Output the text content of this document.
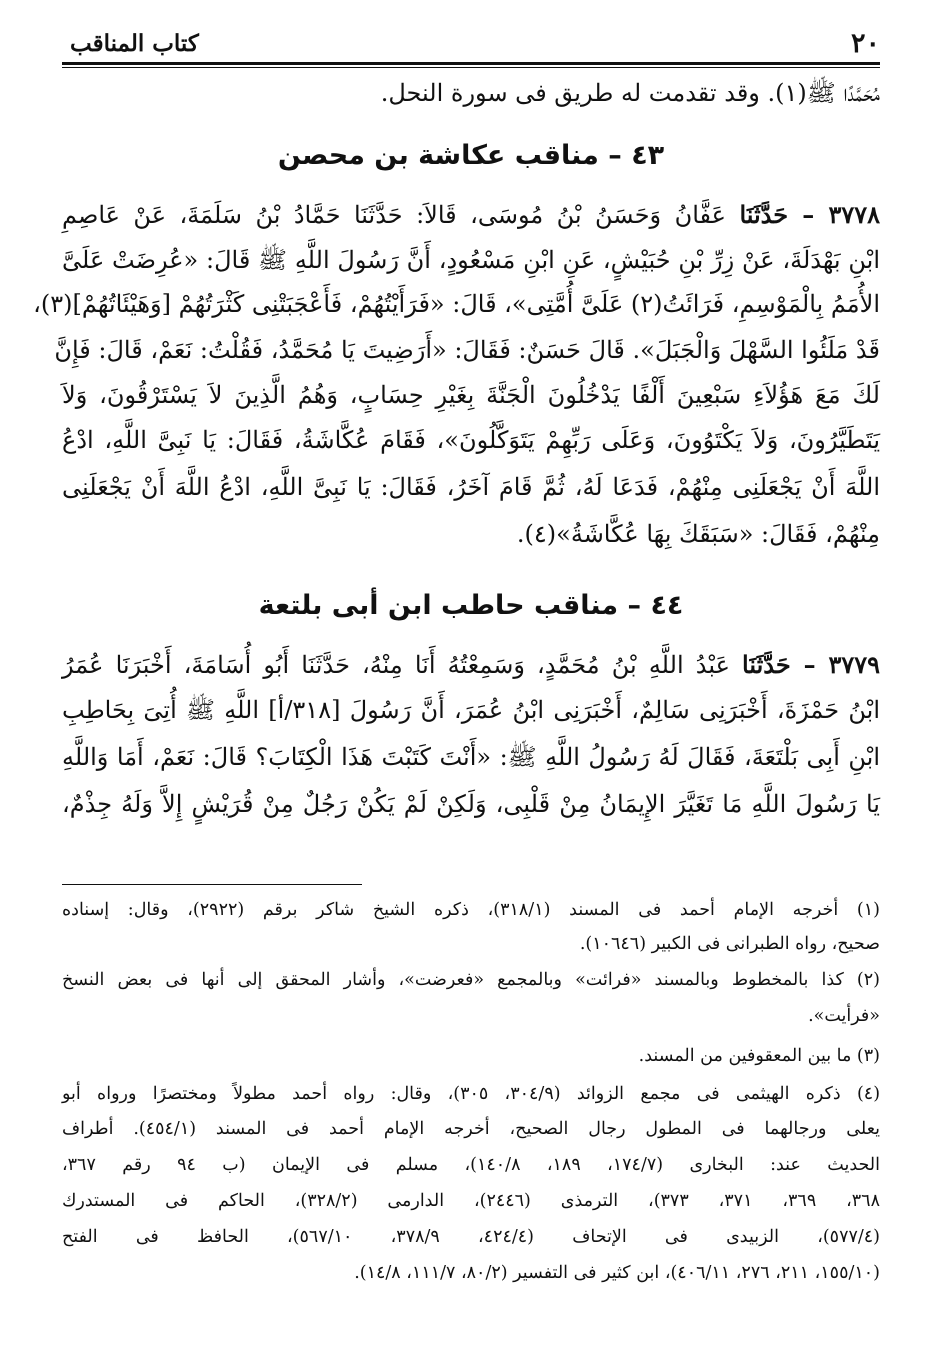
٢٠
كتاب المناقب
مُحَمَّدًا ﷺ(١). وقد تقدمت له طريق فى سورة النحل.
٤٣ – مناقب عكاشة بن محصن
٣٧٧٨ – حَدَّثَنَا عَفَّانُ وَحَسَنُ بْنُ مُوسَى، قَالاَ: حَدَّثَنَا حَمَّادُ بْنُ سَلَمَةَ، عَنْ عَاصِمِ
ابْنِ بَهْدَلَةَ، عَنْ زِرِّ بْنِ حُبَيْشٍ، عَنِ ابْنِ مَسْعُودٍ، أَنَّ رَسُولَ اللَّهِ ﷺ قَالَ: «عُرِضَتْ عَلَىَّ
الأُمَمُ بِالْمَوْسِمِ، فَرَائَتُ(٢) عَلَىَّ أُمَّتِى»، قَالَ: «فَرَأَيْتُهُمْ، فَأَعْجَبَتْنِى كَثْرَتُهُمْ [وَهَيْئَاتُهُمْ](٣)،
قَدْ مَلَئُوا السَّهْلَ وَالْجَبَلَ». قَالَ حَسَنٌ: فَقَالَ: «أَرَضِيتَ يَا مُحَمَّدُ، فَقُلْتُ: نَعَمْ، قَالَ: فَإِنَّ
لَكَ مَعَ هَؤُلاَءِ سَبْعِينَ أَلْفًا يَدْخُلُونَ الْجَنَّةَ بِغَيْرِ حِسَابٍ، وَهُمُ الَّذِينَ لاَ يَسْتَرْقُونَ، وَلاَ
يَتَطَيَّرُونَ، وَلاَ يَكْتَوُونَ، وَعَلَى رَبِّهِمْ يَتَوَكَّلُونَ»، فَقَامَ عُكَّاشَةُ، فَقَالَ: يَا نَبِىَّ اللَّهِ، ادْعُ
اللَّهَ أَنْ يَجْعَلَنِى مِنْهُمْ، فَدَعَا لَهُ، ثُمَّ قَامَ آخَرُ، فَقَالَ: يَا نَبِىَّ اللَّهِ، ادْعُ اللَّهَ أَنْ يَجْعَلَنِى
مِنْهُمْ، فَقَالَ: «سَبَقَكَ بِهَا عُكَّاشَةُ»(٤).
٤٤ – مناقب حاطب ابن أبى بلتعة
٣٧٧٩ – حَدَّثَنَا عَبْدُ اللَّهِ بْنُ مُحَمَّدٍ، وَسَمِعْتُهُ أَنَا مِنْهُ، حَدَّثَنَا أَبُو أُسَامَةَ، أَخْبَرَنَا عُمَرُ
ابْنُ حَمْزَةَ، أَخْبَرَنِى سَالِمٌ، أَخْبَرَنِى ابْنُ عُمَرَ، أَنَّ رَسُولَ [٣١٨/أ] اللَّهِ ﷺ أُتِىَ بِحَاطِبِ
ابْنِ أَبِى بَلْتَعَةَ، فَقَالَ لَهُ رَسُولُ اللَّهِ ﷺ: «أَنْتَ كَتَبْتَ هَذَا الْكِتَابَ؟ قَالَ: نَعَمْ، أَمَا وَاللَّهِ
يَا رَسُولَ اللَّهِ مَا تَغَيَّرَ الإِيمَانُ مِنْ قَلْبِى، وَلَكِنْ لَمْ يَكُنْ رَجُلٌ مِنْ قُرَيْشٍ إِلاَّ وَلَهُ جِذْمٌ،
(١) أخرجه الإمام أحمد فى المسند (٣١٨/١)، ذكره الشيخ شاكر برقم (٢٩٢٢)، وقال: إسناده
صحيح، رواه الطبرانى فى الكبير (١٠٦٤٦).
(٢) كذا بالمخطوط وبالمسند «فرائت» وبالمجمع «فعرضت»، وأشار المحقق إلى أنها فى بعض النسخ
«فرأيت».
(٣) ما بين المعقوفين من المسند.
(٤) ذكره الهيثمى فى مجمع الزوائد (٣٠٤/٩، ٣٠٥)، وقال: رواه أحمد مطولاً ومختصرًا ورواه أبو
يعلى ورجالهما فى المطول رجال الصحيح، أخرجه الإمام أحمد فى المسند (٤٥٤/١). أطراف
الحديث عند: البخارى (١٧٤/٧، ١٨٩، ١٤٠/٨)، مسلم فى الإيمان (ب ٩٤ رقم ٣٦٧،
٣٦٨، ٣٦٩، ٣٧١، ٣٧٣)، الترمذى (٢٤٤٦)، الدارمى (٣٢٨/٢)، الحاكم فى المستدرك
(٥٧٧/٤)، الزبيدى فى الإتحاف (٤٢٤/٤، ٣٧٨/٩، ٥٦٧/١٠)، الحافظ فى الفتح
(١٥٥/١٠، ٢١١، ٢٧٦، ٤٠٦/١١)، ابن كثير فى التفسير (٨٠/٢، ١١١/٧، ١٤/٨).
